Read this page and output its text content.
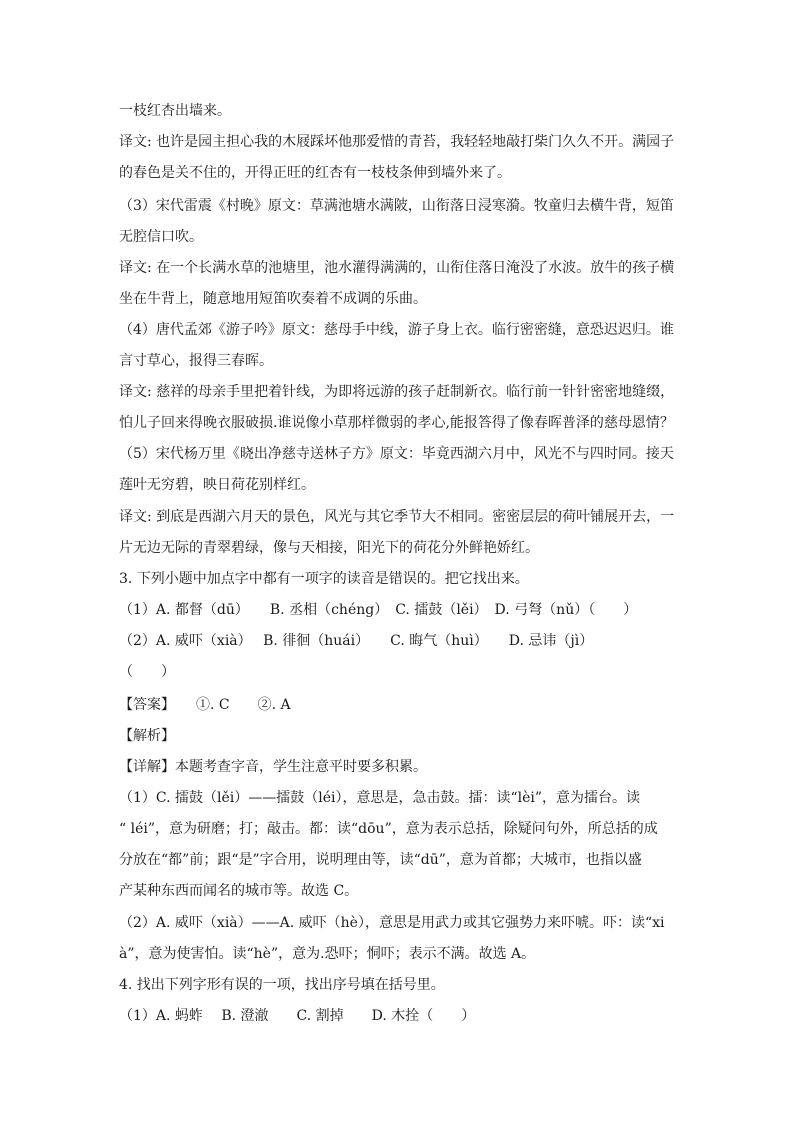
一枝红杏出墙来。
译文: 也许是园主担心我的木屐踩坏他那爱惜的青苔，我轻轻地敲打柴门久久不开。满园子
的春色是关不住的，开得正旺的红杏有一枝枝条伸到墙外来了。
（3）宋代雷震《村晚》原文：草满池塘水满陂，山衔落日浸寒漪。牧童归去横牛背，短笛
无腔信口吹。
译文: 在一个长满水草的池塘里，池水灌得满满的，山衔住落日淹没了水波。放牛的孩子横
坐在牛背上，随意地用短笛吹奏着不成调的乐曲。
（4）唐代孟郊《游子吟》原文：慈母手中线，游子身上衣。临行密密缝，意恐迟迟归。谁
言寸草心，报得三春晖。
译文: 慈祥的母亲手里把着针线，为即将远游的孩子赶制新衣。临行前一针针密密地缝缀，
怕儿子回来得晚衣服破损.谁说像小草那样微弱的孝心,能报答得了像春晖普泽的慈母恩情？
（5）宋代杨万里《晓出净慈寺送林子方》原文：毕竟西湖六月中，风光不与四时同。接天
莲叶无穷碧，映日荷花别样红。
译文: 到底是西湖六月天的景色，风光与其它季节大不相同。密密层层的荷叶铺展开去，一
片无边无际的青翠碧绿，像与天相接，阳光下的荷花分外鲜艳娇红。
3. 下列小题中加点字中都有一项字的读音是错误的。把它找出来。
（1）A. 都督（dū）　　B. 丞相（chéng）　C. 擂鼓（lěi）　D. 弓弩（nǔ）（　　）
（2）A. 威吓（xià）　 B. 徘徊（huái）　　C. 晦气（huì）　　D. 忌讳（jì）
（　　）
【答案】　　①. C　　②. A
【解析】
【详解】本题考查字音，学生注意平时要多积累。
（1）C. 擂鼓（lěi）——擂鼓（léi），意思是，急击鼓。擂：读“lèi”，意为擂台。读
“ léi”，意为研磨；打；敲击。都：读“dōu”，意为表示总括，除疑问句外，所总括的成
分放在“都”前；跟“是”字合用，说明理由等，读“dū”，意为首都；大城市，也指以盛
产某种东西而闻名的城市等。故选 C。
（2）A. 威吓（xià）——A. 威吓（hè），意思是用武力或其它强势力来吓唬。吓：读“xi
à”，意为使害怕。读“hè”，意为.恐吓；恫吓；表示不满。故选 A。
4. 找出下列字形有误的一项，找出序号填在括号里。
（1）A. 蚂蚱　 B. 澄澈　　C. 割掉　　D. 木拴（　　）
